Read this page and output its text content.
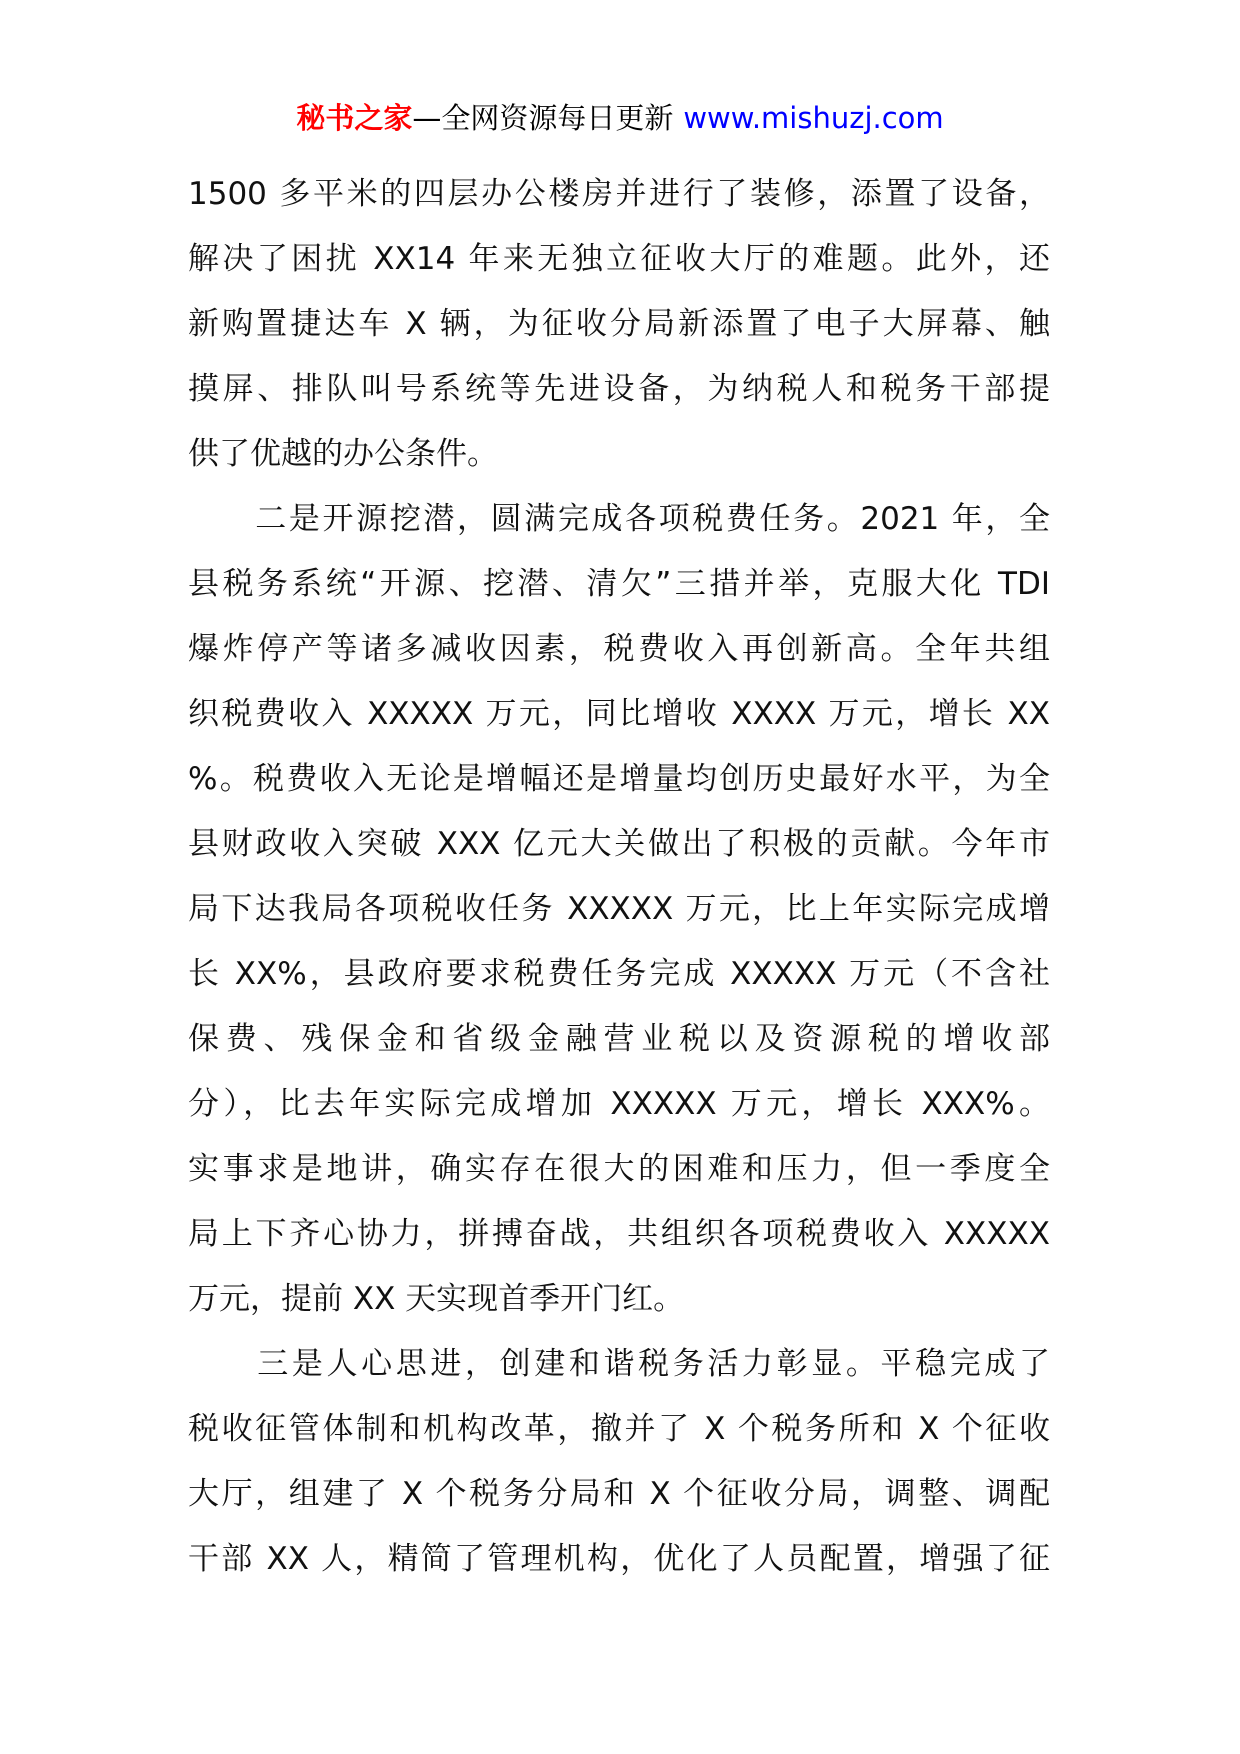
秘书之家—全网资源每日更新 www.mishuzj.com
1500 多平米的四层办公楼房并进行了装修，添置了设备，
解决了困扰 XX14 年来无独立征收大厅的难题。此外，还
新购置捷达车 X 辆，为征收分局新添置了电子大屏幕、触
摸屏、排队叫号系统等先进设备，为纳税人和税务干部提
供了优越的办公条件。
　　二是开源挖潜，圆满完成各项税费任务。2021 年，全
县税务系统“开源、挖潜、清欠”三措并举，克服大化 TDI
爆炸停产等诸多减收因素，税费收入再创新高。全年共组
织税费收入 XXXXX 万元，同比增收 XXXX 万元，增长 XX
%。税费收入无论是增幅还是增量均创历史最好水平，为全
县财政收入突破 XXX 亿元大关做出了积极的贡献。今年市
局下达我局各项税收任务 XXXXX 万元，比上年实际完成增
长 XX%，县政府要求税费任务完成 XXXXX 万元（不含社
保费、残保金和省级金融营业税以及资源税的增收部
分），比去年实际完成增加 XXXXX 万元，增长 XXX%。
实事求是地讲，确实存在很大的困难和压力，但一季度全
局上下齐心协力，拼搏奋战，共组织各项税费收入 XXXXX
万元，提前 XX 天实现首季开门红。
　　三是人心思进，创建和谐税务活力彰显。平稳完成了
税收征管体制和机构改革，撤并了 X 个税务所和 X 个征收
大厅，组建了 X 个税务分局和 X 个征收分局，调整、调配
干部 XX 人，精简了管理机构，优化了人员配置，增强了征
